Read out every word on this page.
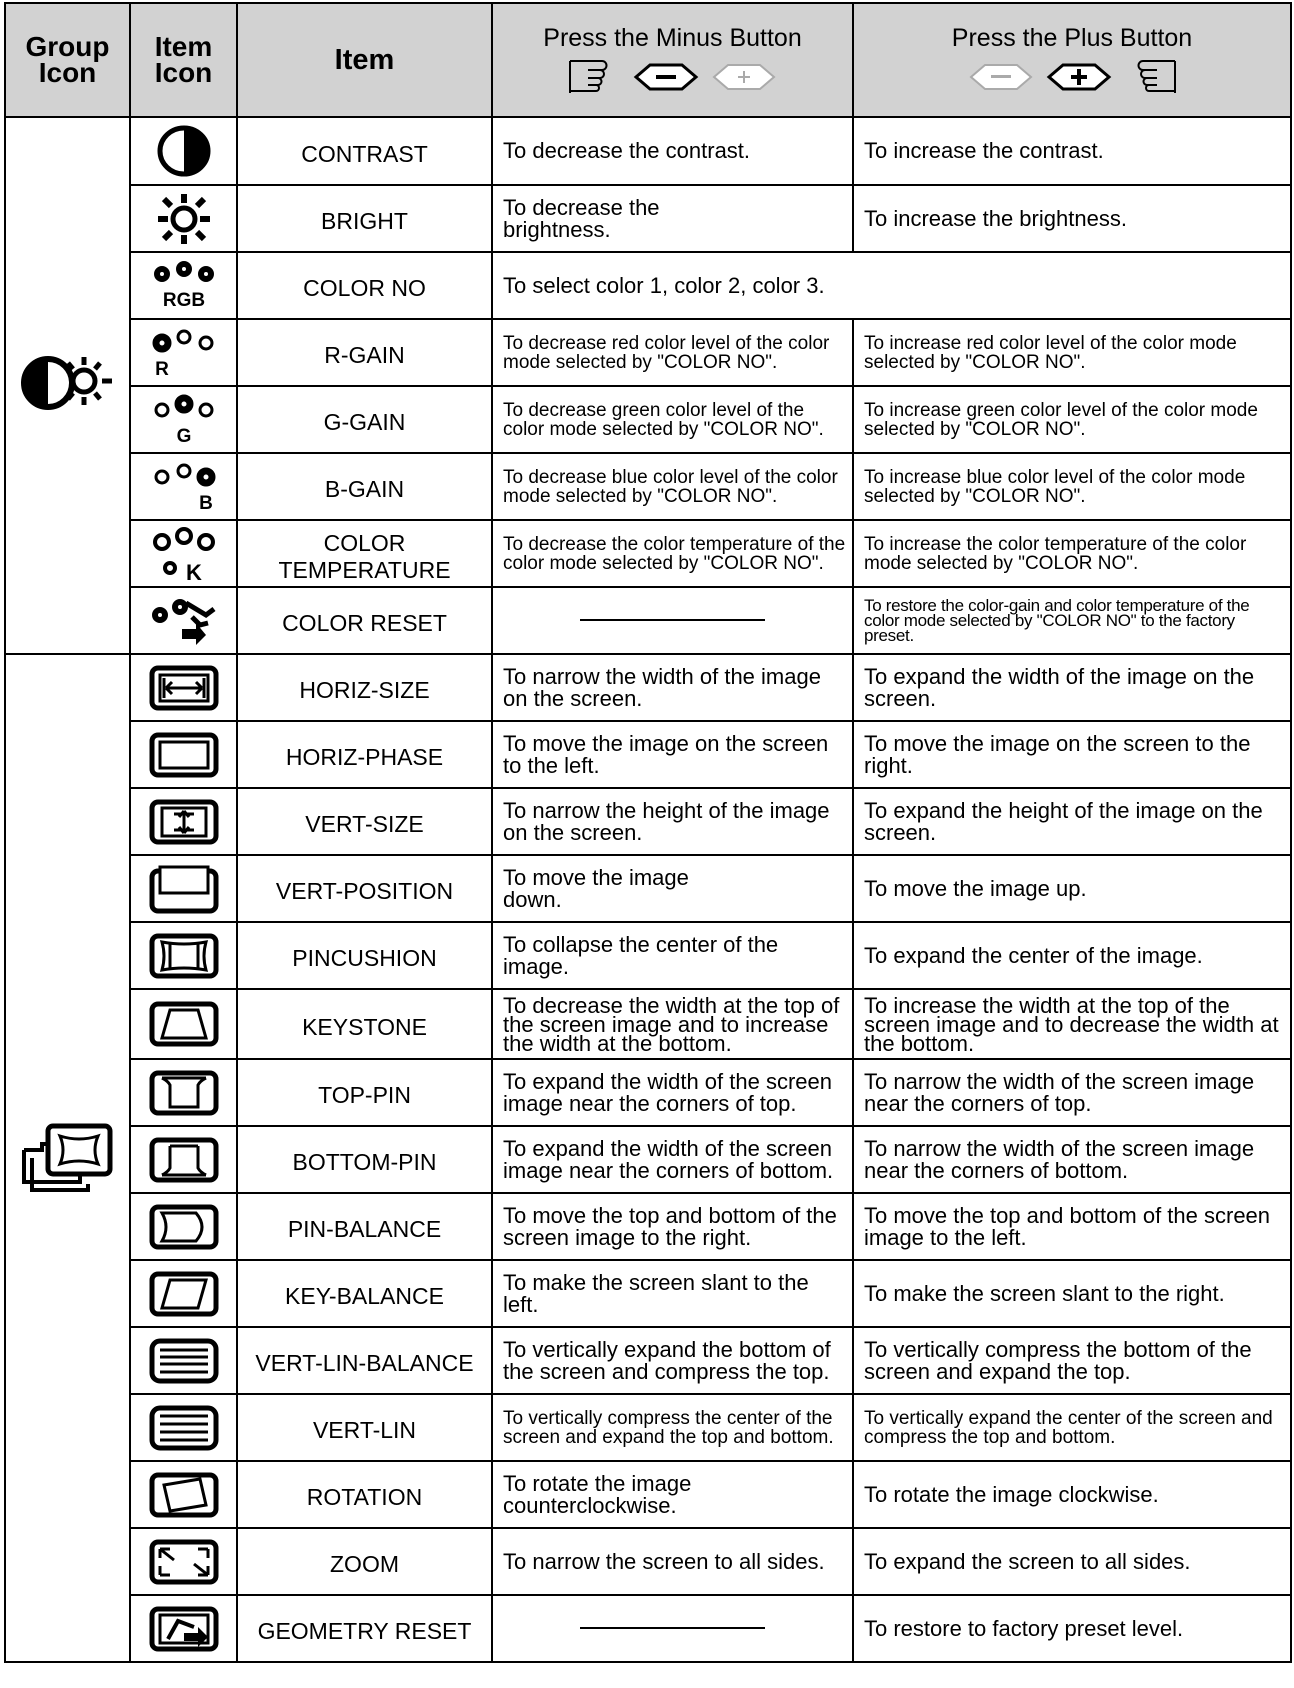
Group Icon	Item Icon	Item	Press the Minus Button	Press the Plus Button

	CONTRAST	To decrease the contrast.	To increase the contrast.

	BRIGHT	To decrease the brightness.	To increase the brightness.

RGB	COLOR NO	To select color 1, color 2, color 3.	

R	R-GAIN	To decrease red color level of the color mode selected by "COLOR NO".	To increase red color level of the color mode selected by "COLOR NO".

G	G-GAIN	To decrease green color level of the color mode selected by "COLOR NO".	To increase green color level of the color mode selected by "COLOR NO".

B	B-GAIN	To decrease blue color level of the color mode selected by "COLOR NO".	To increase blue color level of the color mode selected by "COLOR NO".

K	COLOR TEMPERATURE	To decrease the color temperature of the color mode selected by "COLOR NO".	To increase the color temperature of the color mode selected by "COLOR NO".

	COLOR RESET		To restore the color-gain and color temperature of the color mode selected by "COLOR NO" to the factory preset.

	HORIZ-SIZE	To narrow the width of the image on the screen.	To expand the width of the image on the screen.

	HORIZ-PHASE	To move the image on the screen to the left.	To move the image on the screen to the right.

	VERT-SIZE	To narrow the height of the image on the screen.	To expand the height of the image on the screen.

	VERT-POSITION	To move the image down.	To move the image up.

	PINCUSHION	To collapse the center of the image.	To expand the center of the image.

	KEYSTONE	To decrease the width at the top of the screen image and to increase the width at the bottom.	To increase the width at the top of the screen image and to decrease the width at the bottom.

	TOP-PIN	To expand the width of the screen image near the corners of top.	To narrow the width of the screen image near the corners of top.

	BOTTOM-PIN	To expand the width of the screen image near the corners of bottom.	To narrow the width of the screen image near the corners of bottom.

	PIN-BALANCE	To move the top and bottom of the screen image to the right.	To move the top and bottom of the screen image to the left.

	KEY-BALANCE	To make the screen slant to the left.	To make the screen slant to the right.

	VERT-LIN-BALANCE	To vertically expand the bottom of the screen and compress the top.	To vertically compress the bottom of the screen and expand the top.

	VERT-LIN	To vertically compress the center of the screen and expand the top and bottom.	To vertically expand the center of the screen and compress the top and bottom.

	ROTATION	To rotate the image counterclockwise.	To rotate the image clockwise.

	ZOOM	To narrow the screen to all sides.	To expand the screen to all sides.

	GEOMETRY RESET		To restore to factory preset level.
